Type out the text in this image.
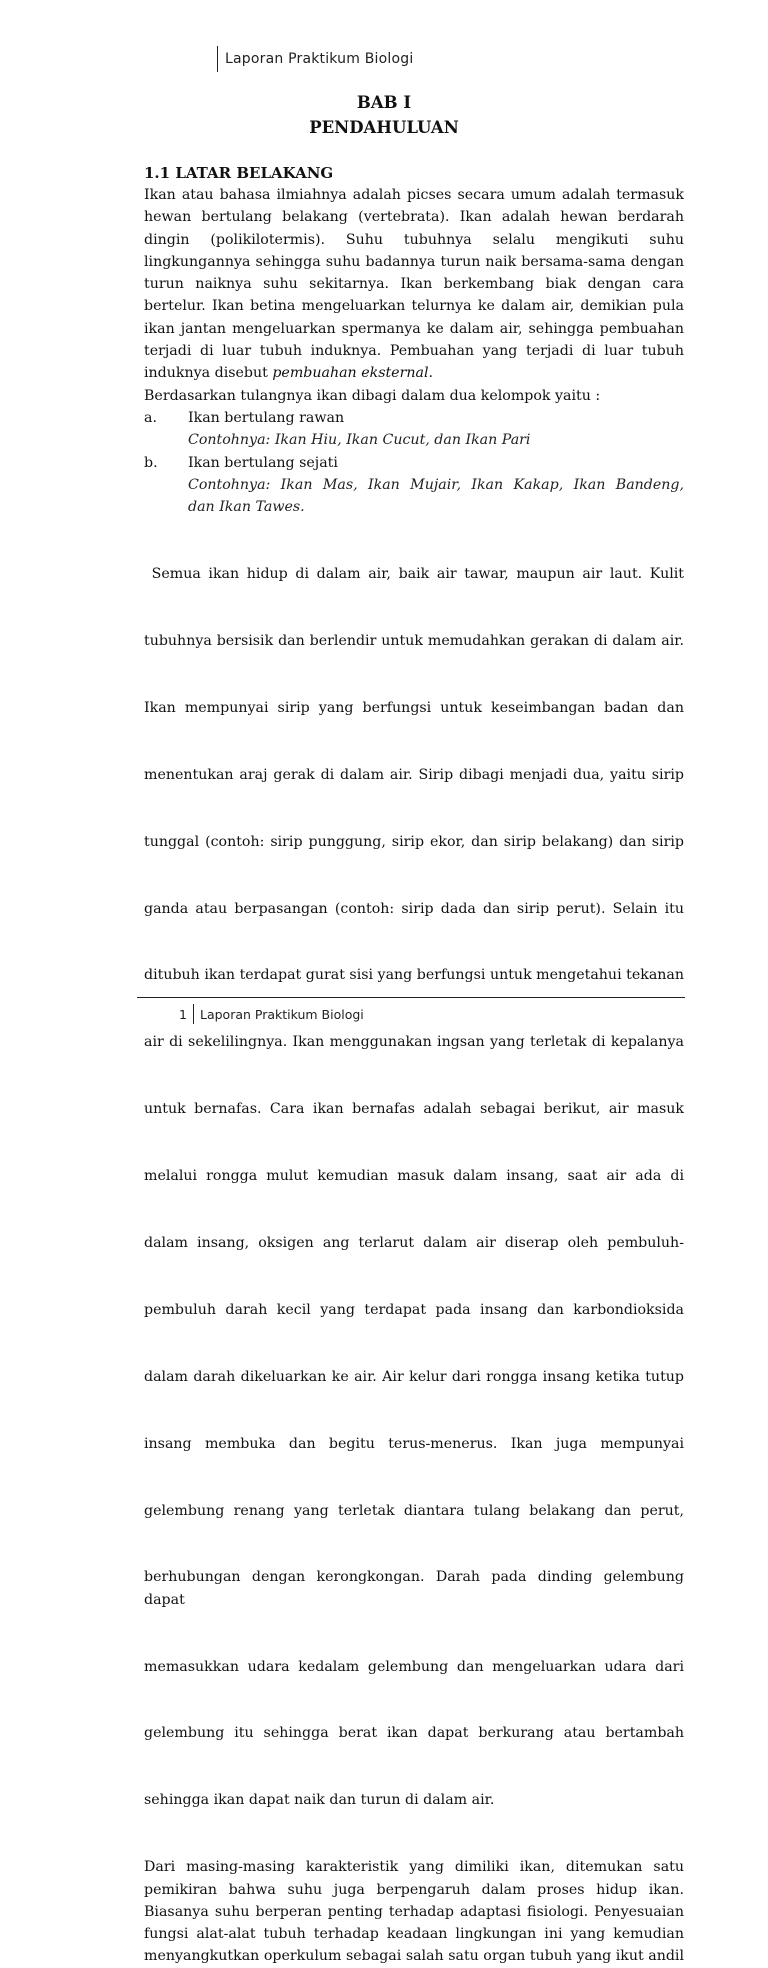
Laporan Praktikum Biologi
BAB I
PENDAHULUAN
1.1 LATAR BELAKANG
Ikan atau bahasa ilmiahnya adalah picses secara umum adalah termasuk
hewan bertulang belakang (vertebrata). Ikan adalah hewan berdarah
dingin (polikilotermis). Suhu tubuhnya selalu mengikuti suhu
lingkungannya sehingga suhu badannya turun naik bersama-sama dengan
turun naiknya suhu sekitarnya. Ikan berkembang biak dengan cara
bertelur. Ikan betina mengeluarkan telurnya ke dalam air, demikian pula
ikan jantan mengeluarkan spermanya ke dalam air, sehingga pembuahan
terjadi di luar tubuh induknya. Pembuahan yang terjadi di luar tubuh
induknya disebut pembuahan eksternal.
Berdasarkan tulangnya ikan dibagi dalam dua kelompok yaitu :
a.	Ikan bertulang rawan
Contohnya: Ikan Hiu, Ikan Cucut, dan Ikan Pari
b.	Ikan bertulang sejati
Contohnya: Ikan Mas, Ikan Mujair, Ikan Kakap, Ikan Bandeng,
dan Ikan Tawes.

Semua ikan hidup di dalam air, baik air tawar, maupun air laut. Kulit

tubuhnya bersisik dan berlendir untuk memudahkan gerakan di dalam air.

Ikan mempunyai sirip yang berfungsi untuk keseimbangan badan dan

menentukan araj gerak di dalam air. Sirip dibagi menjadi dua, yaitu sirip

tunggal (contoh: sirip punggung, sirip ekor, dan sirip belakang) dan sirip

ganda atau berpasangan (contoh: sirip dada dan sirip perut). Selain itu

ditubuh ikan terdapat gurat sisi yang berfungsi untuk mengetahui tekanan

air di sekelilingnya. Ikan menggunakan ingsan yang terletak di kepalanya

untuk bernafas. Cara ikan bernafas adalah sebagai berikut, air masuk

melalui rongga mulut kemudian masuk dalam insang, saat air ada di

dalam insang, oksigen ang terlarut dalam air diserap oleh pembuluh-

pembuluh darah kecil yang terdapat pada insang dan karbondioksida

dalam darah dikeluarkan ke air. Air kelur dari rongga insang ketika tutup

insang membuka dan begitu terus-menerus. Ikan juga mempunyai

gelembung renang yang terletak diantara tulang belakang dan perut,

berhubungan dengan kerongkongan. Darah pada dinding gelembung dapat

memasukkan udara kedalam gelembung dan mengeluarkan udara dari

gelembung itu sehingga berat ikan dapat berkurang atau bertambah

sehingga ikan dapat naik dan turun di dalam air.

Dari masing-masing karakteristik yang dimiliki ikan, ditemukan satu
pemikiran bahwa suhu juga berpengaruh dalam proses hidup ikan.
Biasanya suhu berperan penting terhadap adaptasi fisiologi. Penyesuaian
fungsi alat-alat tubuh terhadap keadaan lingkungan ini yang kemudian
menyangkutkan operkulum sebagai salah satu organ tubuh yang ikut andil
1	Laporan Praktikum Biologi
